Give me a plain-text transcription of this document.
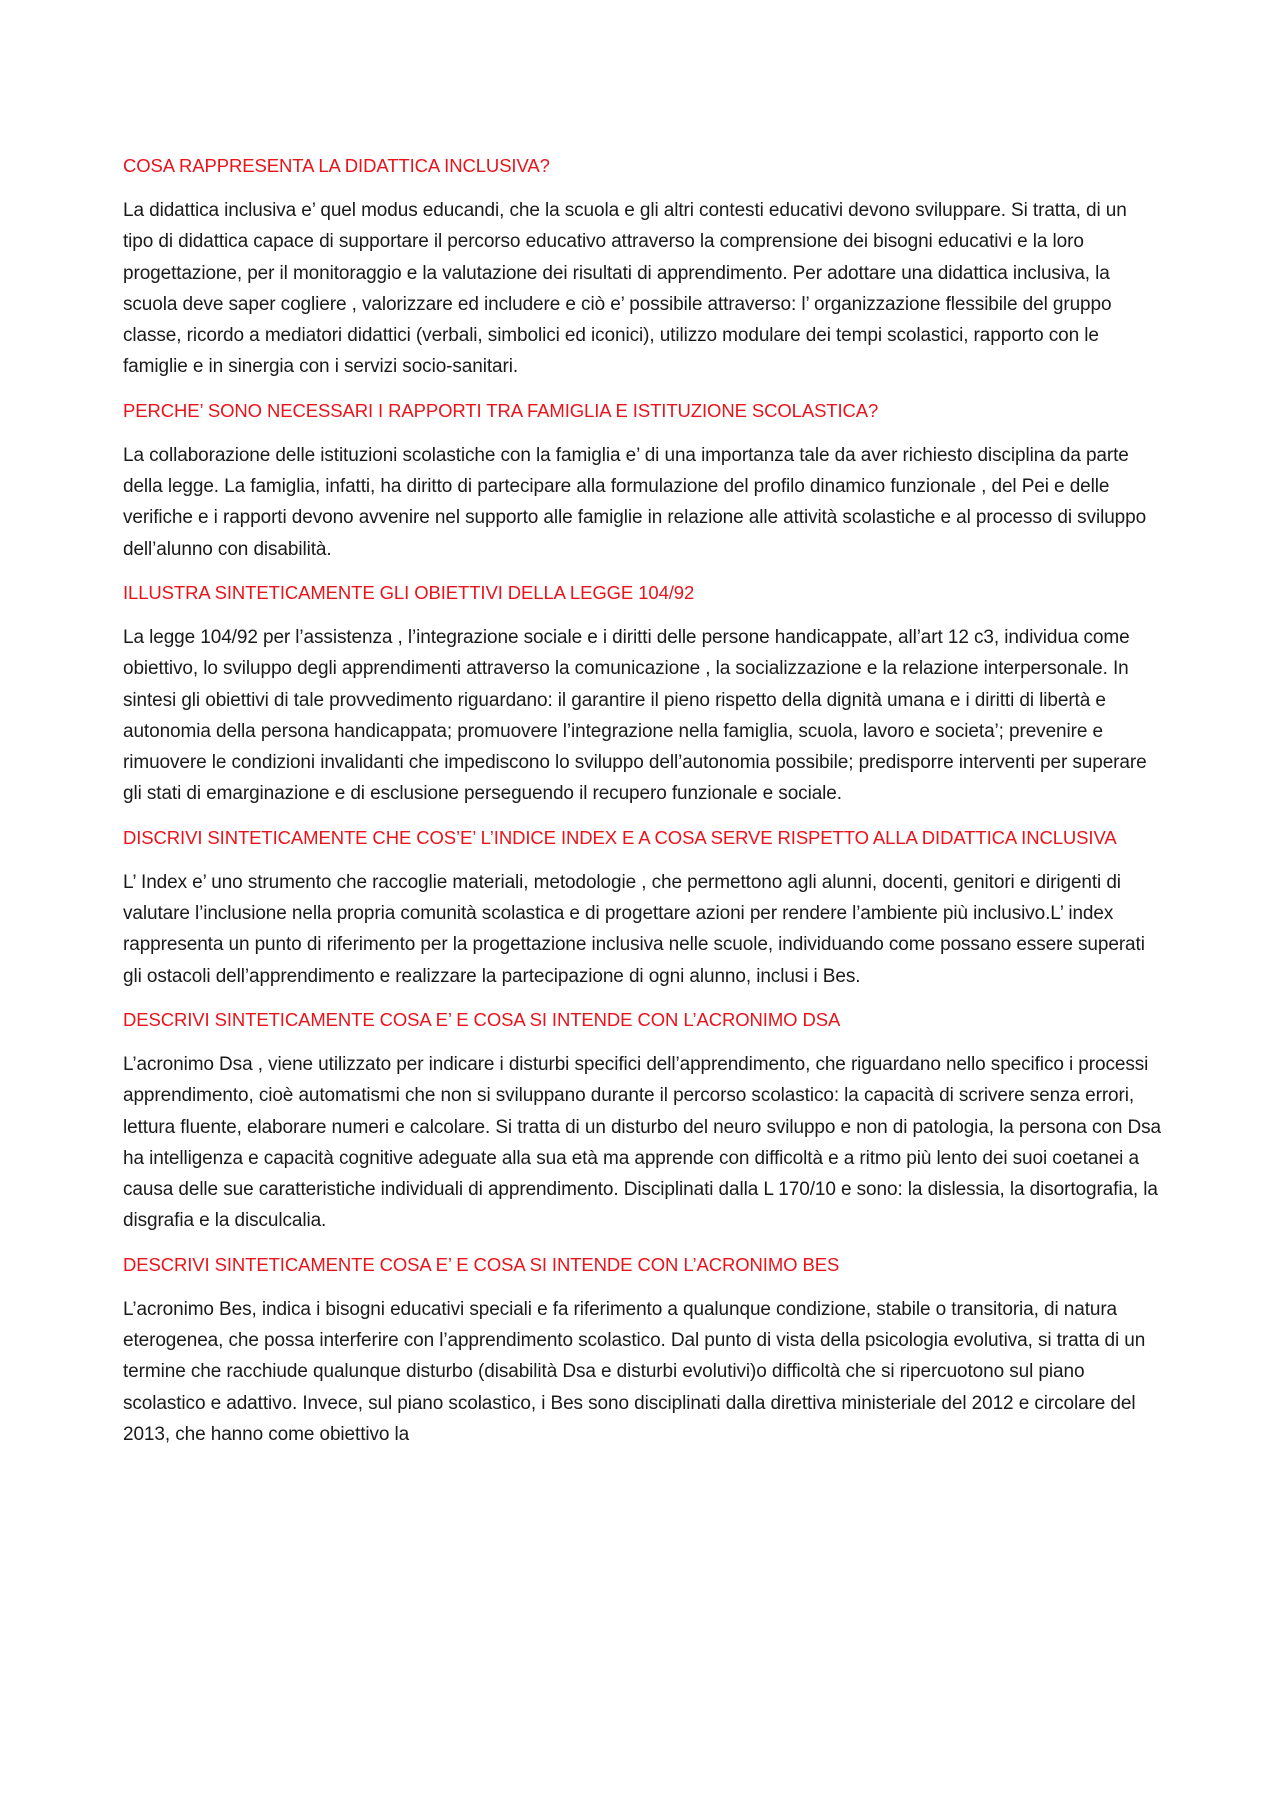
COSA RAPPRESENTA LA DIDATTICA INCLUSIVA?

La didattica inclusiva e’ quel modus educandi, che la scuola e gli altri contesti educativi devono sviluppare. Si tratta, di un tipo di didattica capace di supportare il percorso educativo attraverso la comprensione dei bisogni educativi e la loro progettazione, per il monitoraggio e la valutazione dei risultati di apprendimento. Per adottare una didattica inclusiva, la scuola deve saper cogliere , valorizzare ed includere e ciò e’ possibile attraverso: l’ organizzazione flessibile del gruppo classe, ricordo a mediatori didattici (verbali, simbolici ed iconici), utilizzo modulare dei tempi scolastici, rapporto con le famiglie e in sinergia con i servizi socio-sanitari.

PERCHE’ SONO NECESSARI I RAPPORTI TRA FAMIGLIA E ISTITUZIONE SCOLASTICA?

La collaborazione delle istituzioni scolastiche con la famiglia e’ di una importanza tale da aver richiesto disciplina da parte della legge. La famiglia, infatti, ha diritto di partecipare alla formulazione del profilo dinamico funzionale , del Pei e delle verifiche e i rapporti devono avvenire nel supporto alle famiglie in relazione alle attività scolastiche e al processo di sviluppo dell’alunno con disabilità.

ILLUSTRA SINTETICAMENTE GLI OBIETTIVI DELLA LEGGE 104/92

La legge 104/92 per l’assistenza , l’integrazione sociale e i diritti delle persone handicappate, all’art 12 c3, individua come obiettivo, lo sviluppo degli apprendimenti attraverso la comunicazione , la socializzazione e la relazione interpersonale. In sintesi gli obiettivi di tale provvedimento riguardano: il garantire il pieno rispetto della dignità umana e i diritti di libertà e autonomia della persona handicappata; promuovere l’integrazione nella famiglia, scuola, lavoro e societa’; prevenire e rimuovere le condizioni invalidanti che impediscono lo sviluppo dell’autonomia possibile; predisporre interventi per superare gli stati di emarginazione e di esclusione perseguendo il recupero funzionale e sociale.

DISCRIVI SINTETICAMENTE CHE COS’E’ L’INDICE INDEX E A COSA SERVE RISPETTO ALLA DIDATTICA INCLUSIVA

L’ Index e’ uno strumento che raccoglie materiali, metodologie , che permettono agli alunni, docenti, genitori e dirigenti di valutare l’inclusione nella propria comunità scolastica e di progettare azioni per rendere l’ambiente più inclusivo.L’ index rappresenta un punto di riferimento per la progettazione inclusiva nelle scuole, individuando come possano essere superati gli ostacoli dell’apprendimento e realizzare la partecipazione di ogni alunno, inclusi i Bes.

DESCRIVI SINTETICAMENTE COSA E’ E COSA SI INTENDE CON L’ACRONIMO DSA

L’acronimo Dsa , viene utilizzato per indicare i disturbi specifici dell’apprendimento, che riguardano nello specifico i processi apprendimento, cioè automatismi che non si sviluppano durante il percorso scolastico: la capacità di scrivere senza errori, lettura fluente, elaborare numeri e calcolare. Si tratta di un disturbo del neuro sviluppo e non di patologia, la persona con Dsa ha intelligenza e capacità cognitive adeguate alla sua età ma apprende con difficoltà e a ritmo più lento dei suoi coetanei a causa delle sue caratteristiche individuali di apprendimento. Disciplinati dalla L 170/10 e sono: la dislessia, la disortografia, la disgrafia e la disculcalia.

DESCRIVI SINTETICAMENTE COSA E’ E COSA SI INTENDE CON L’ACRONIMO BES

L’acronimo Bes, indica i bisogni educativi speciali e fa riferimento a qualunque condizione, stabile o transitoria, di natura eterogenea, che possa interferire con l’apprendimento scolastico. Dal punto di vista della psicologia evolutiva, si tratta di un termine che racchiude qualunque disturbo (disabilità Dsa e disturbi evolutivi)o difficoltà che si ripercuotono sul piano scolastico e adattivo. Invece, sul piano scolastico, i Bes sono disciplinati dalla direttiva ministeriale del 2012 e circolare del 2013, che hanno come obiettivo la
